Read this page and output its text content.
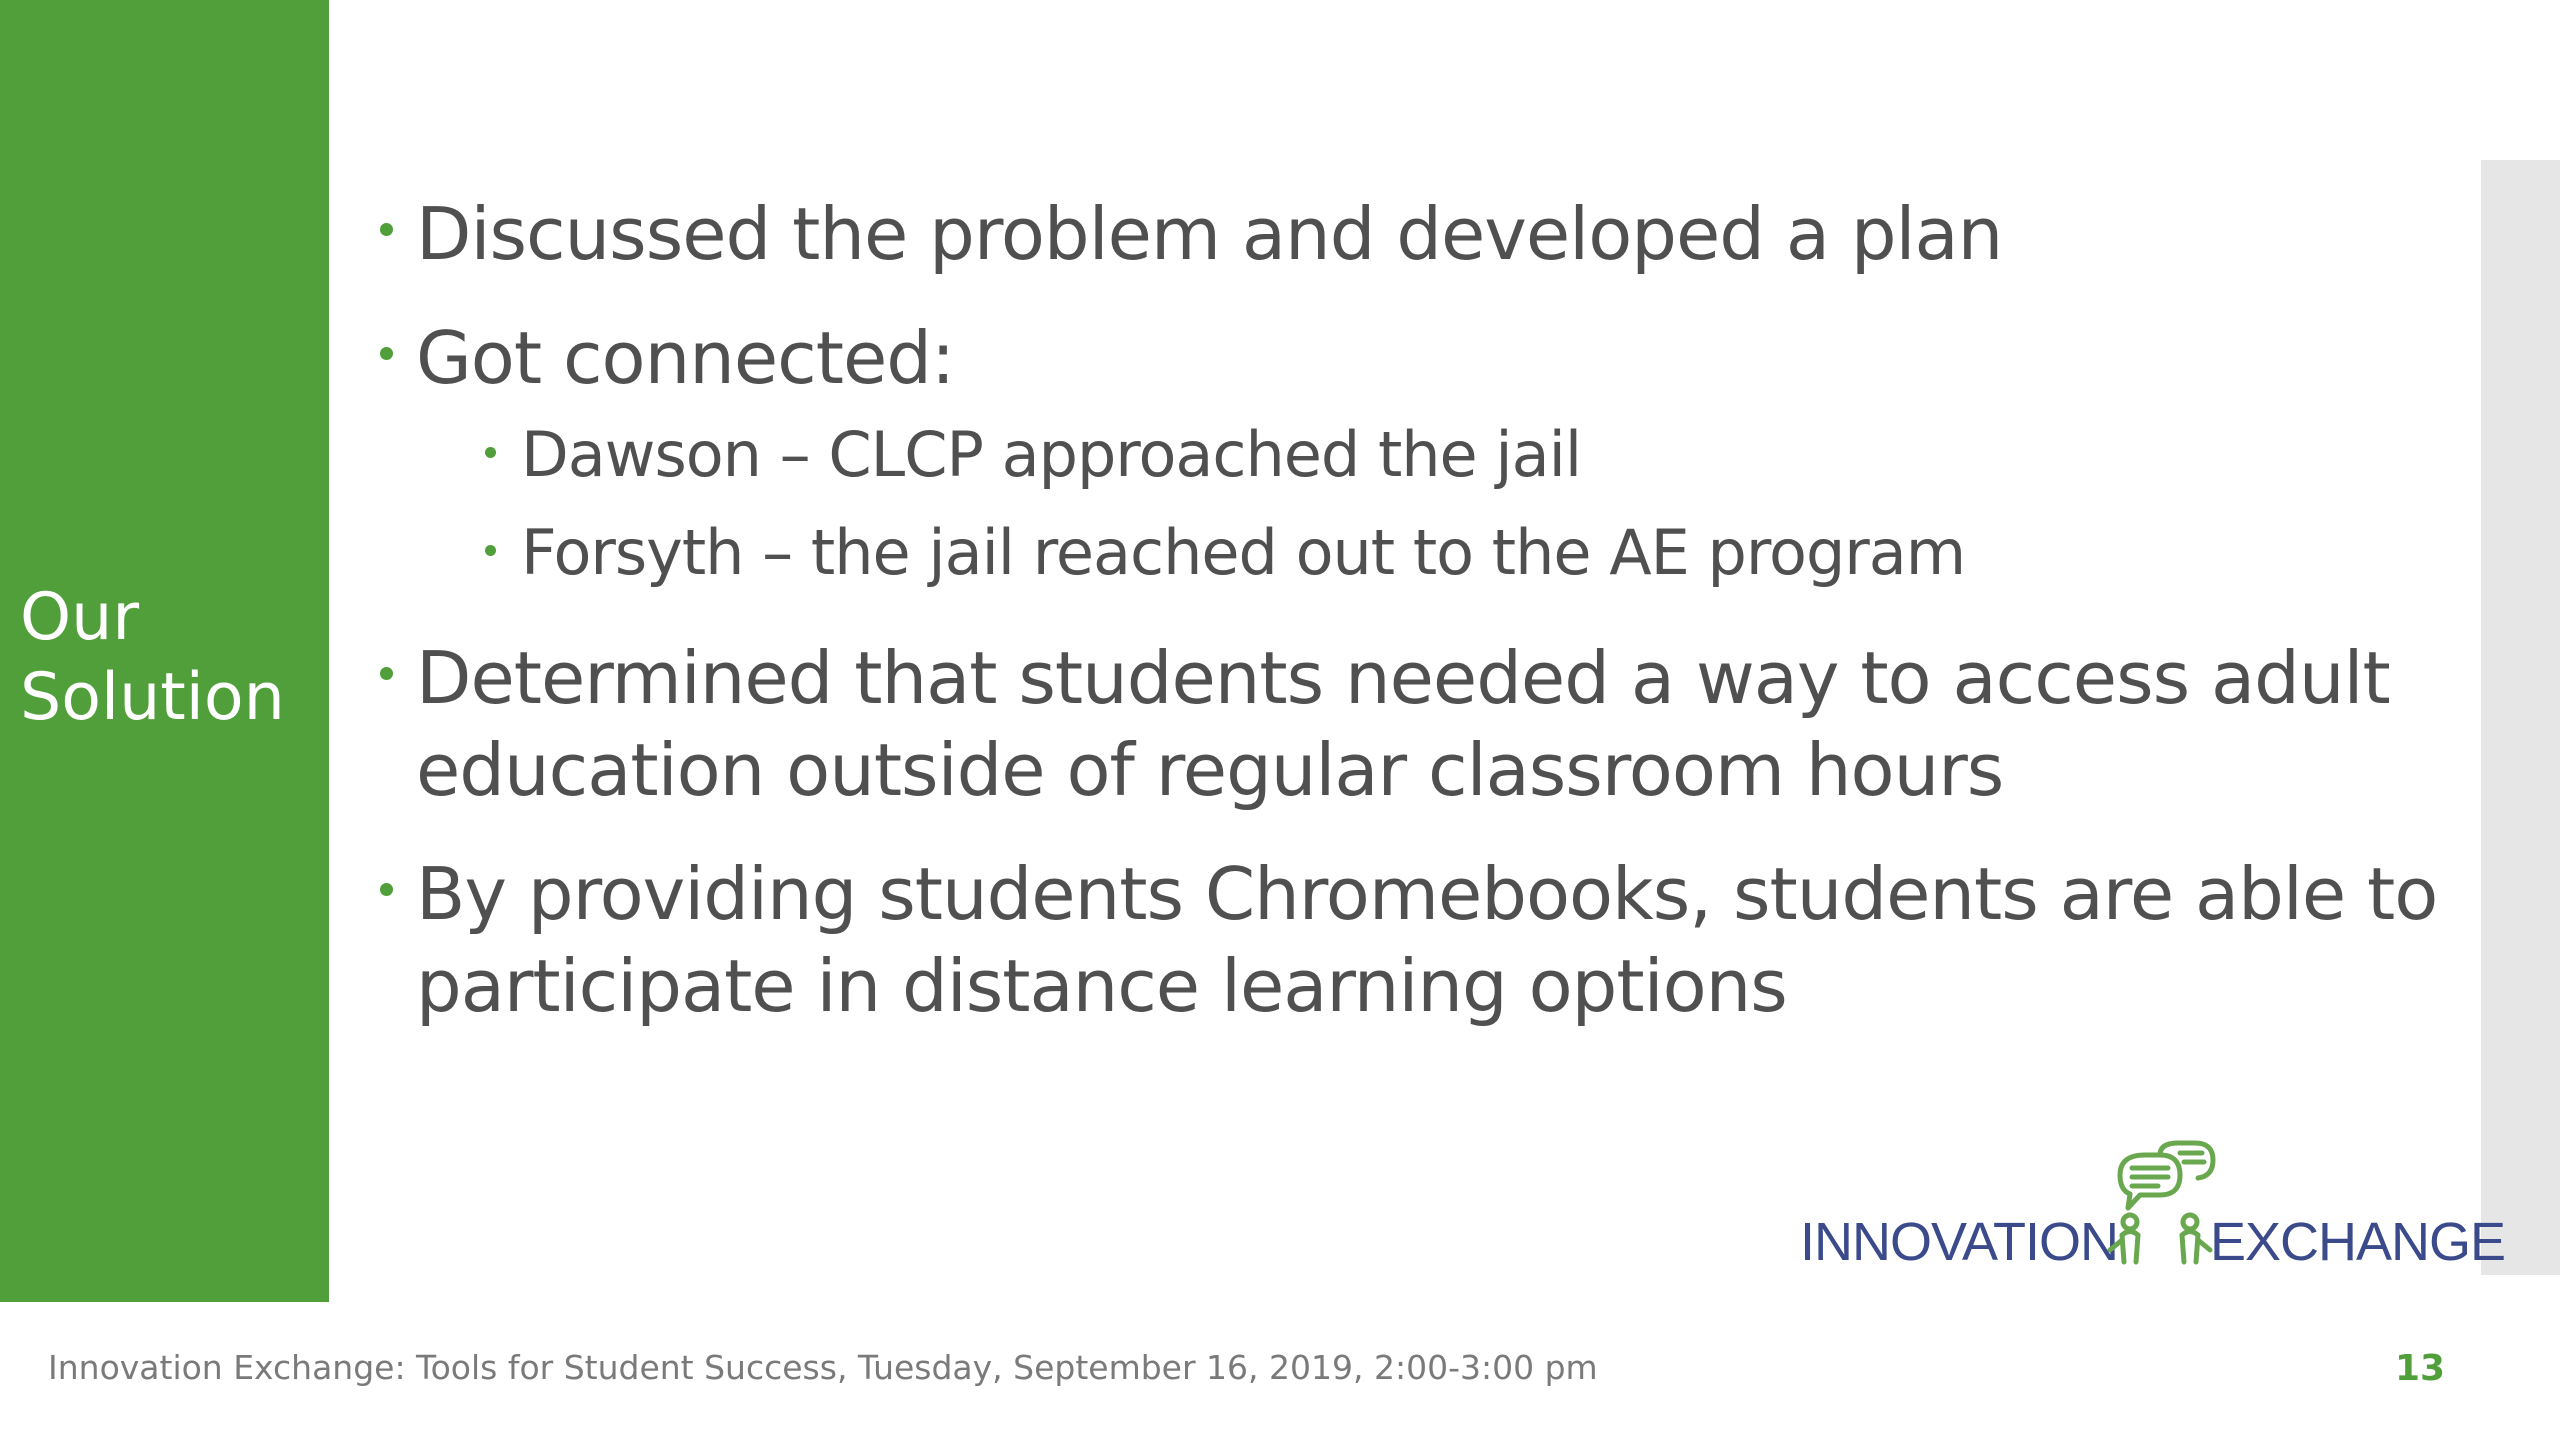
Our
Solution
Discussed the problem and developed a plan
Got connected:
Dawson – CLCP approached the jail
Forsyth – the jail reached out to the AE program
Determined that students needed a way to access adult
education outside of regular classroom hours
By providing students Chromebooks, students are able to
participate in distance learning options
INNOVATION EXCHANGE
Innovation Exchange: Tools for Student Success, Tuesday, September 16, 2019, 2:00-3:00 pm	13
